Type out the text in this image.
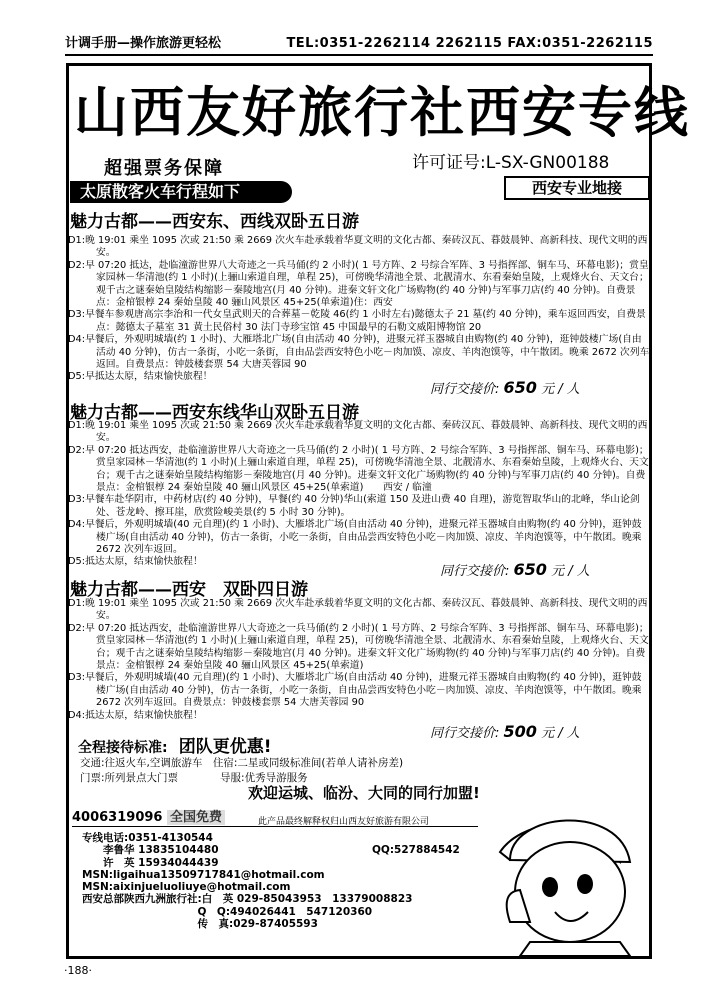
计调手册—操作旅游更轻松	TEL:0351-2262114 2262115 FAX:0351-2262115
山西友好旅行社西安专线
超强票务保障	许可证号:L-SX-GN00188
太原散客火车行程如下	西安专业地接
魅力古都——西安东、西线双卧五日游

D1:晚 19:01 乘坐 1095 次或 21:50 乘 2669 次火车赴承载着华夏文明的文化古都、秦砖汉瓦、暮鼓晨钟、高新科技、现代文明的西安。

D2:早 07:20 抵达，赴临潼游世界八大奇迹之一兵马俑(约 2 小时)( 1 号方阵、2 号综合军阵、3 号指挥部、铜车马、环幕电影)；赏皇家园林－华清池(约 1 小时)(上骊山索道自理，单程 25)，可傍晚华清池全景、北靓清水、东看秦始皇陵，上观烽火台、天文台；观千古之谜秦始皇陵结构缩影－秦陵地宫(月 40 分钟)。进秦文轩文化广场购物(约 40 分钟)与军事刀店(约 40 分钟)。自费景点：金棺银椁 24 秦始皇陵 40 骊山风景区 45+25(单索道)住：西安

D3:早餐车参观唐高宗李治和一代女皇武则天的合葬墓－乾陵 46(约 1 小时左右)懿德太子 21 墓(约 40 分钟)，乘车返回西安，自费景点：懿德太子墓室 31 黄土民俗村 30 法门寺珍宝馆 45 中国最早的石勒文威阳博物馆 20

D4:早餐后，外观明城墙(约 1 小时)、大雁塔北广场(自由活动 40 分钟)，进聚元祥玉器城自由购物(约 40 分钟)，逛钟鼓楼广场(自由活动 40 分钟)，仿古一条街，小吃一条街，自由品尝西安特色小吃－肉加馍、凉皮、羊肉泡馍等，中午散团。晚乘 2672 次列车返回。自费景点：钟鼓楼套票 54 大唐芙蓉园 90

D5:早抵达太原，结束愉快旅程！

同行交接价: 650 元 / 人
魅力古都——西安东线华山双卧五日游

D1:晚 19:01 乘坐 1095 次或 21:50 乘 2669 次火车赴承载着华夏文明的文化古都、秦砖汉瓦、暮鼓晨钟、高新科技、现代文明的西安。

D2:早 07:20 抵达西安，赴临潼游世界八大奇迹之一兵马俑(约 2 小时)( 1 号方阵、2 号综合军阵、3 号指挥部、铜车马、环幕电影)；赏皇家园林－华清池(约 1 小时)(上骊山索道自理，单程 25)，可傍晚华清池全景、北靓清水、东看秦始皇陵，上观烽火台、天文台；观千古之谜秦始皇陵结构缩影－秦陵地宫(月 40 分钟)。进秦文轩文化广场购物(约 40 分钟)与军事刀店(约 40 分钟)。自费景点：金棺银椁 24 秦始皇陵 40 骊山风景区 45+25(单索道)　　西安 / 临潼

D3:早餐车赴华阴市，中药材店(约 40 分钟)，早餐(约 40 分钟)华山(索道 150 及进山费 40 自理)，游览智取华山的北峰，华山论剑处、苍龙岭、擦耳崖，欣赏险峻美景(约 5 小时 30 分钟)。

D4:早餐后，外观明城墙(40 元自理)(约 1 小时)、大雁塔北广场(自由活动 40 分钟)，进聚元祥玉器城自由购物(约 40 分钟)，逛钟鼓楼广场(自由活动 40 分钟)，仿古一条街，小吃一条街，自由品尝西安特色小吃－肉加馍、凉皮、羊肉泡馍等，中午散团。晚乘 2672 次列车返回。

D5:抵达太原，结束愉快旅程！

同行交接价: 650 元 / 人
魅力古都——西安　双卧四日游

D1:晚 19:01 乘坐 1095 次或 21:50 乘 2669 次火车赴承载着华夏文明的文化古都、秦砖汉瓦、暮鼓晨钟、高新科技、现代文明的西安。

D2:早 07:20 抵达西安，赴临潼游世界八大奇迹之一兵马俑(约 2 小时)( 1 号方阵、2 号综合军阵、3 号指挥部、铜车马、环幕电影)；赏皇家园林－华清池(约 1 小时)(上骊山索道自理，单程 25)，可傍晚华清池全景、北靓清水、东看秦始皇陵，上观烽火台、天文台；观千古之谜秦始皇陵结构缩影－秦陵地宫(月 40 分钟)。进秦文轩文化广场购物(约 40 分钟)与军事刀店(约 40 分钟)。自费景点：金棺银椁 24 秦始皇陵 40 骊山风景区 45+25(单索道)

D3:早餐后，外观明城墙(40 元自理)(约 1 小时)、大雁塔北广场(自由活动 40 分钟)，进聚元祥玉器城自由购物(约 40 分钟)，逛钟鼓楼广场(自由活动 40 分钟)，仿古一条街，小吃一条街，自由品尝西安特色小吃－肉加馍、凉皮、羊肉泡馍等，中午散团。晚乘 2672 次列车返回。自费景点：钟鼓楼套票 54 大唐芙蓉园 90

D4:抵达太原，结束愉快旅程！

同行交接价: 500 元 / 人
全程接待标准: 团队更优惠!
交通:往返火车,空调旅游车　住宿:二星或同级标准间(若单人请补房差)
门票:所列景点大门票　　　　导服:优秀导游服务
欢迎运城、临汾、大同的同行加盟!
4006319096 全国免费	此产品最终解释权归山西友好旅游有限公司
专线电话:0351-4130544
　　李鲁华 13835104480	QQ:527884542
　　许　英 15934044439
MSN:ligaihua13509717841@hotmail.com
MSN:aixinjueluoliuye@hotmail.com
西安总部陕西九洲旅行社:白　英 029-85043953　13379008823
　　　　　　　　　　　Q　Q:494026441　547120360
　　　　　　　　　　　传　真:029-87405593
·188·
